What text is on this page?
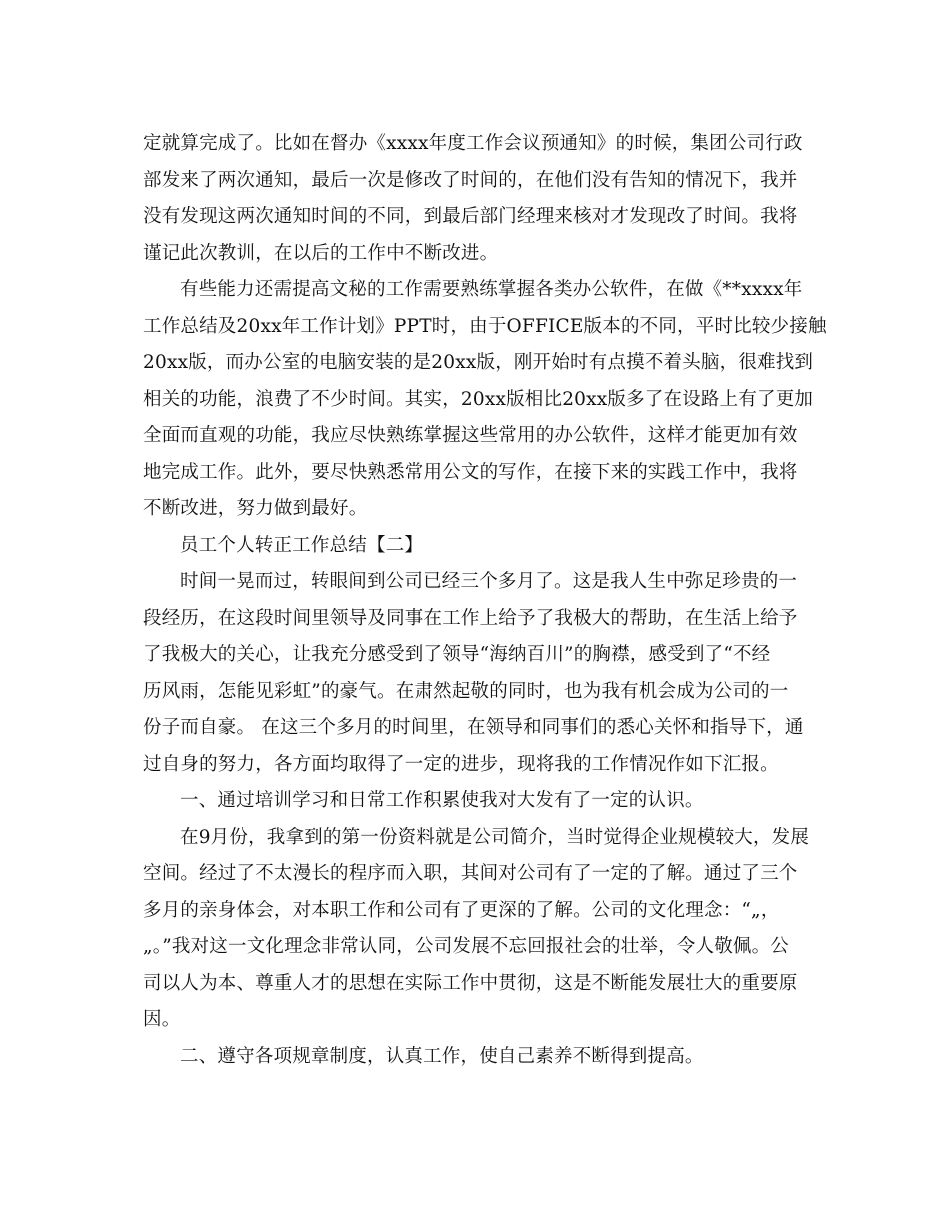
定就算完成了。比如在督办《xxxx年度工作会议预通知》的时候，集团公司行政
部发来了两次通知，最后一次是修改了时间的，在他们没有告知的情况下，我并
没有发现这两次通知时间的不同，到最后部门经理来核对才发现改了时间。我将
谨记此次教训，在以后的工作中不断改进。
有些能力还需提高文秘的工作需要熟练掌握各类办公软件，在做《**xxxx年
工作总结及20xx年工作计划》PPT时，由于OFFICE版本的不同，平时比较少接触
20xx版，而办公室的电脑安装的是20xx版，刚开始时有点摸不着头脑，很难找到
相关的功能，浪费了不少时间。其实，20xx版相比20xx版多了在设路上有了更加
全面而直观的功能，我应尽快熟练掌握这些常用的办公软件，这样才能更加有效
地完成工作。此外，要尽快熟悉常用公文的写作，在接下来的实践工作中，我将
不断改进，努力做到最好。
员工个人转正工作总结【二】
时间一晃而过，转眼间到公司已经三个多月了。这是我人生中弥足珍贵的一
段经历，在这段时间里领导及同事在工作上给予了我极大的帮助，在生活上给予
了我极大的关心，让我充分感受到了领导“海纳百川”的胸襟，感受到了“不经
历风雨，怎能见彩虹”的豪气。在肃然起敬的同时，也为我有机会成为公司的一
份子而自豪。 在这三个多月的时间里，在领导和同事们的悉心关怀和指导下，通
过自身的努力，各方面均取得了一定的进步，现将我的工作情况作如下汇报。
一、通过培训学习和日常工作积累使我对大发有了一定的认识。
在9月份，我拿到的第一份资料就是公司简介，当时觉得企业规模较大，发展
空间。经过了不太漫长的程序而入职，其间对公司有了一定的了解。通过了三个
多月的亲身体会，对本职工作和公司有了更深的了解。公司的文化理念：“„，
„。”我对这一文化理念非常认同，公司发展不忘回报社会的壮举，令人敬佩。公
司以人为本、尊重人才的思想在实际工作中贯彻，这是不断能发展壮大的重要原
因。
二、遵守各项规章制度，认真工作，使自己素养不断得到提高。
